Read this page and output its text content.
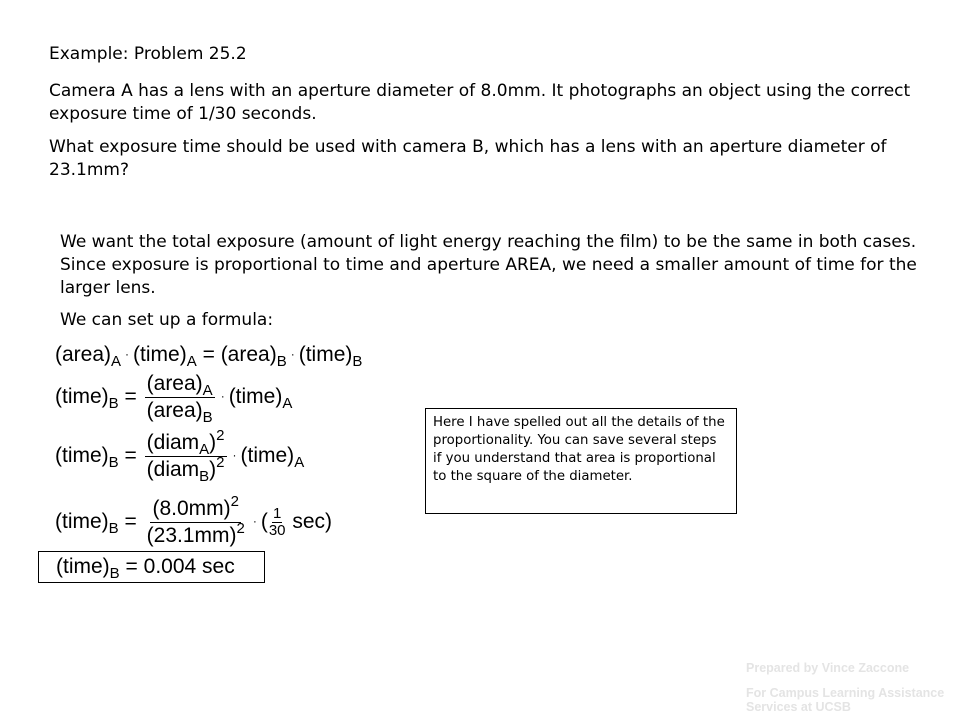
Example: Problem 25.2
Camera A has a lens with an aperture diameter of 8.0mm. It photographs an object using the correct exposure time of 1/30 seconds.
What exposure time should be used with camera B, which has a lens with an aperture diameter of 23.1mm?
We want the total exposure (amount of light energy reaching the film) to be the same in both cases. Since exposure is proportional to time and aperture AREA, we need a smaller amount of time for the larger lens.
We can set up a formula:
$(area)_A$ · $(time)_A$ = $(area)_B$ · $(time)_B$
$(time)_B = \frac{(area)_A}{(area)_B}$ · $(time)_A$
$(time)_B = \frac{(diam_A)^2}{(diam_B)^2}$ · $(time)_A$
$(time)_B = \frac{(8.0mm)^2}{(23.1mm)^2}$ · ( $\frac{1}{30} \sec$)
$(time)_B = 0.004$ sec
Here I have spelled out all the details of the proportionality. You can save several steps if you understand that area is proportional to the square of the diameter.
Prepared by Vince Zaccone
For Campus Learning Assistance Services at UCSB
